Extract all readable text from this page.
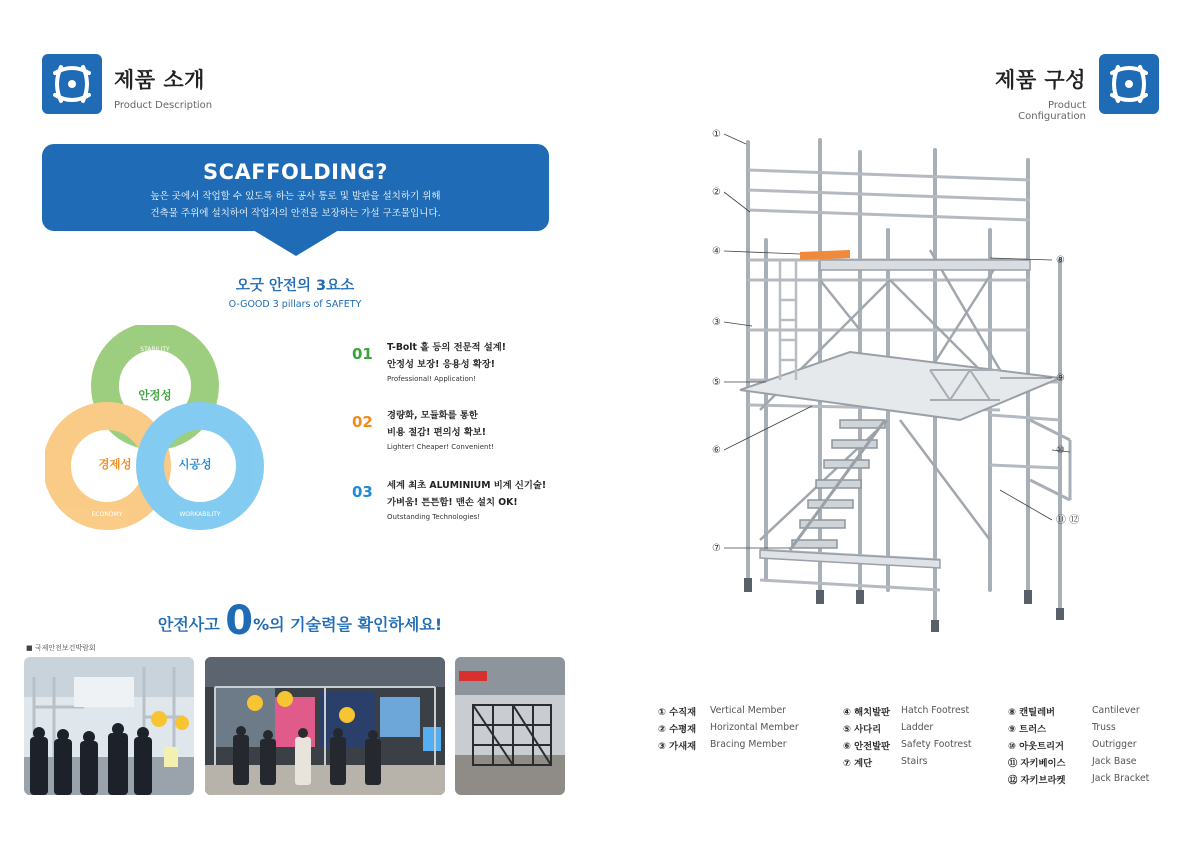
제품 소개
Product Description
SCAFFOLDING?

높은 곳에서 작업할 수 있도록 하는 공사 통로 및 발판을 설치하기 위해
건축물 주위에 설치하여 작업자의 안전을 보장하는 가설 구조물입니다.

오굿 안전의 3요소
O-GOOD 3 pillars of SAFETY
STABILITY
안정성
ECONOMY
경제성
WORKABILITY
시공성
01 T-Bolt 홀 등의 전문적 설계!
안정성 보장! 응용성 확장!
Professional! Application!
02 경량화, 모듈화를 통한
비용 절감! 편의성 확보!
Lighter! Cheaper! Convenient!
03 세계 최초 ALUMINIUM 비계 신기술!
가벼움! 튼튼함! 맨손 설치 OK!
Outstanding Technologies!
안전사고 0%의 기술력을 확인하세요!
■ 국제안전보건박람회
제품 구성
Product Configuration
①
②
④
③
⑤
⑥
⑦
⑧
⑨
⑩
⑪ ⑫
① 수직재	Vertical Member
② 수평재	Horizontal Member
③ 가새재	Bracing Member
④ 해치발판	Hatch Footrest
⑤ 사다리	Ladder
⑥ 안전발판	Safety Footrest
⑦ 계단	Stairs
⑧ 캔틸레버	Cantilever
⑨ 트러스	Truss
⑩ 아웃트리거	Outrigger
⑪ 자키베이스	Jack Base
⑫ 자키브라켓	Jack Bracket
